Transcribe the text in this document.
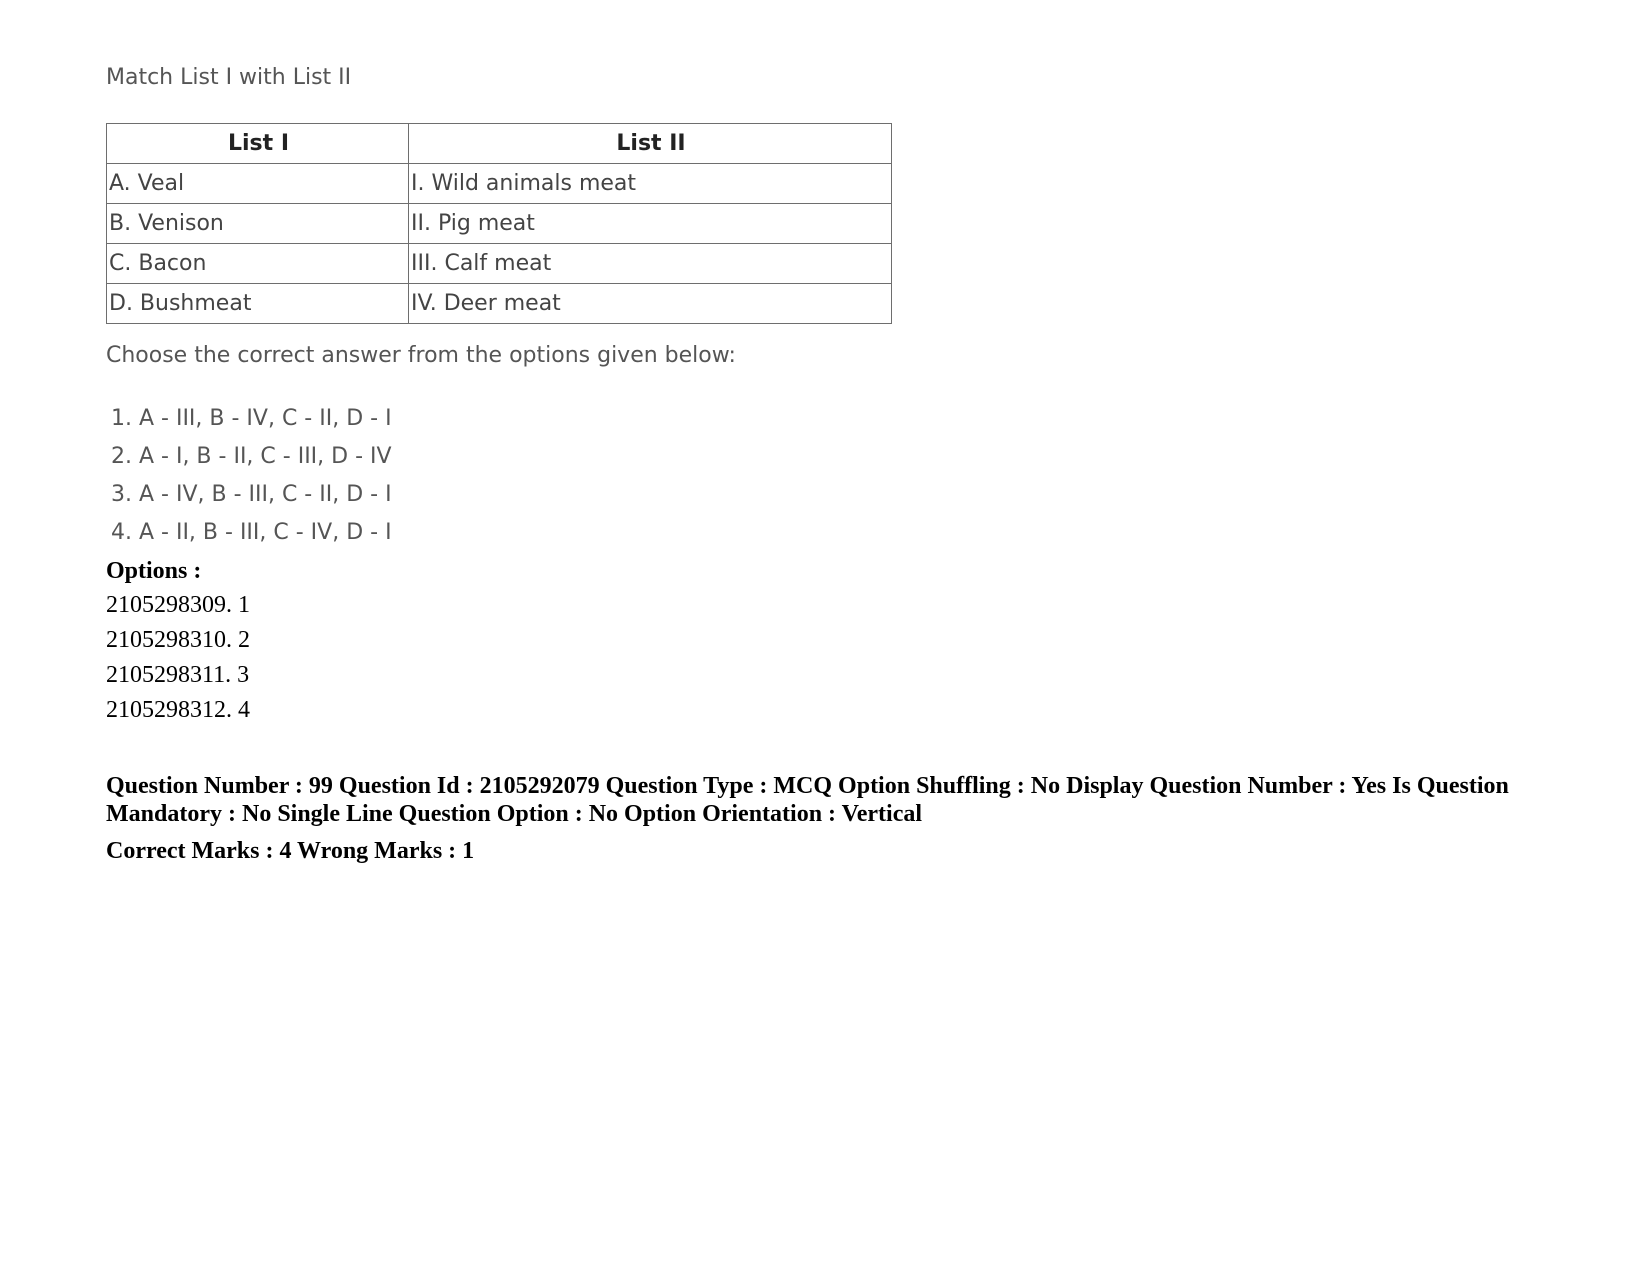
Match List I with List II
List I	List II
A. Veal	I. Wild animals meat
B. Venison	II. Pig meat
C. Bacon	III. Calf meat
D. Bushmeat	IV. Deer meat
Choose the correct answer from the options given below:
1. A - III, B - IV, C - II, D - I
2. A - I, B - II, C - III, D - IV
3. A - IV, B - III, C - II, D - I
4. A - II, B - III, C - IV, D - I
Options :
2105298309. 1
2105298310. 2
2105298311. 3
2105298312. 4
Question Number : 99 Question Id : 2105292079 Question Type : MCQ Option Shuffling : No Display Question Number : Yes Is Question Mandatory : No Single Line Question Option : No Option Orientation : Vertical
Correct Marks : 4 Wrong Marks : 1
